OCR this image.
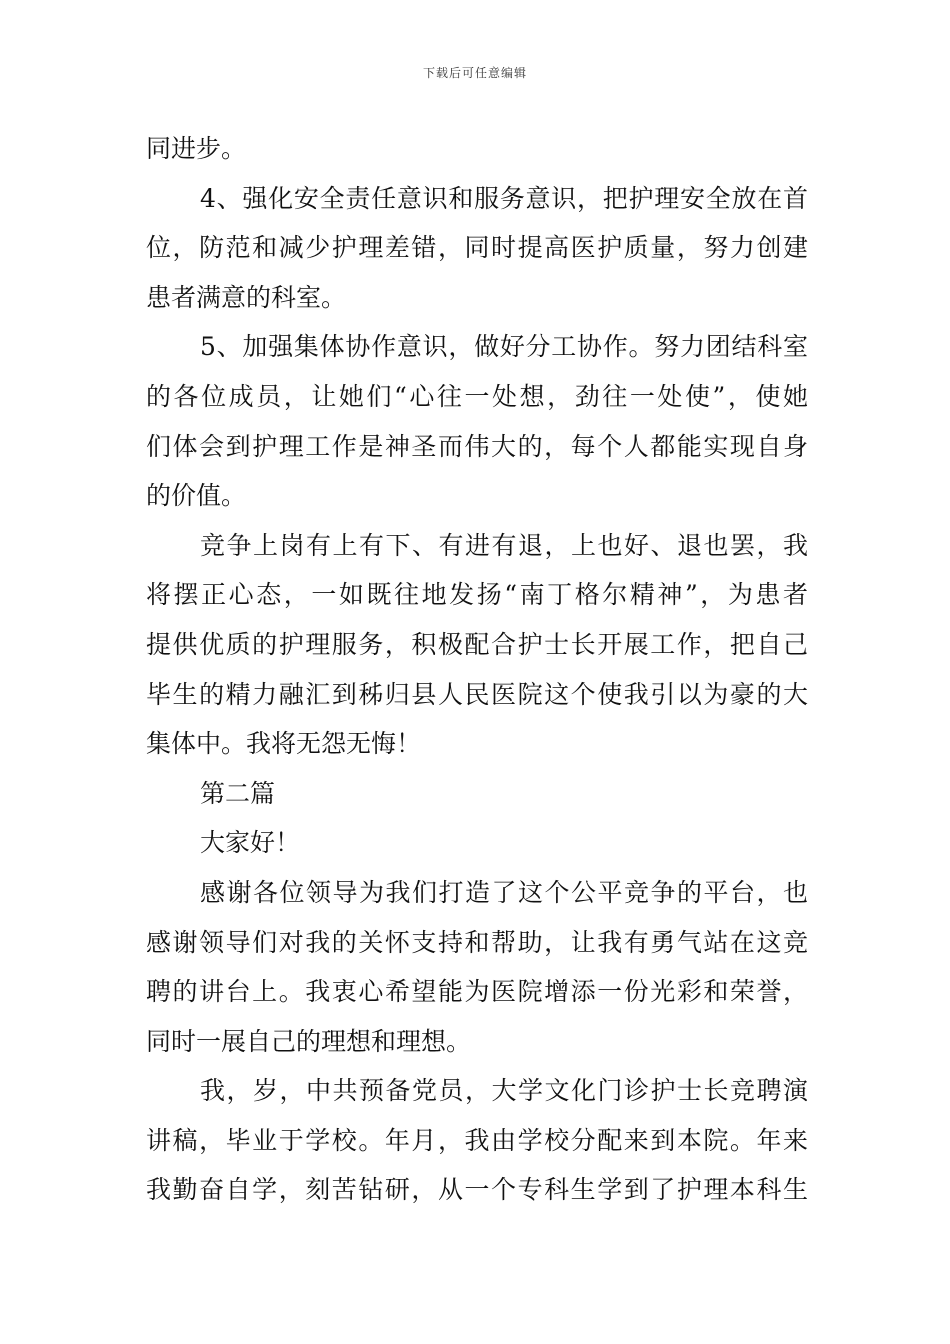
下载后可任意编辑
同进步。
4、强化安全责任意识和服务意识，把护理安全放在首
位，防范和减少护理差错，同时提高医护质量，努力创建
患者满意的科室。
5、加强集体协作意识，做好分工协作。努力团结科室
的各位成员，让她们“心往一处想，劲往一处使”，使她
们体会到护理工作是神圣而伟大的，每个人都能实现自身
的价值。
竞争上岗有上有下、有进有退，上也好、退也罢，我
将摆正心态，一如既往地发扬“南丁格尔精神”，为患者
提供优质的护理服务，积极配合护士长开展工作，把自己
毕生的精力融汇到秭归县人民医院这个使我引以为豪的大
集体中。我将无怨无悔！
第二篇
大家好！
感谢各位领导为我们打造了这个公平竞争的平台，也
感谢领导们对我的关怀支持和帮助，让我有勇气站在这竞
聘的讲台上。我衷心希望能为医院增添一份光彩和荣誉，
同时一展自己的理想和理想。
我，岁，中共预备党员，大学文化门诊护士长竞聘演
讲稿，毕业于学校。年月，我由学校分配来到本院。年来
我勤奋自学，刻苦钻研，从一个专科生学到了护理本科生
